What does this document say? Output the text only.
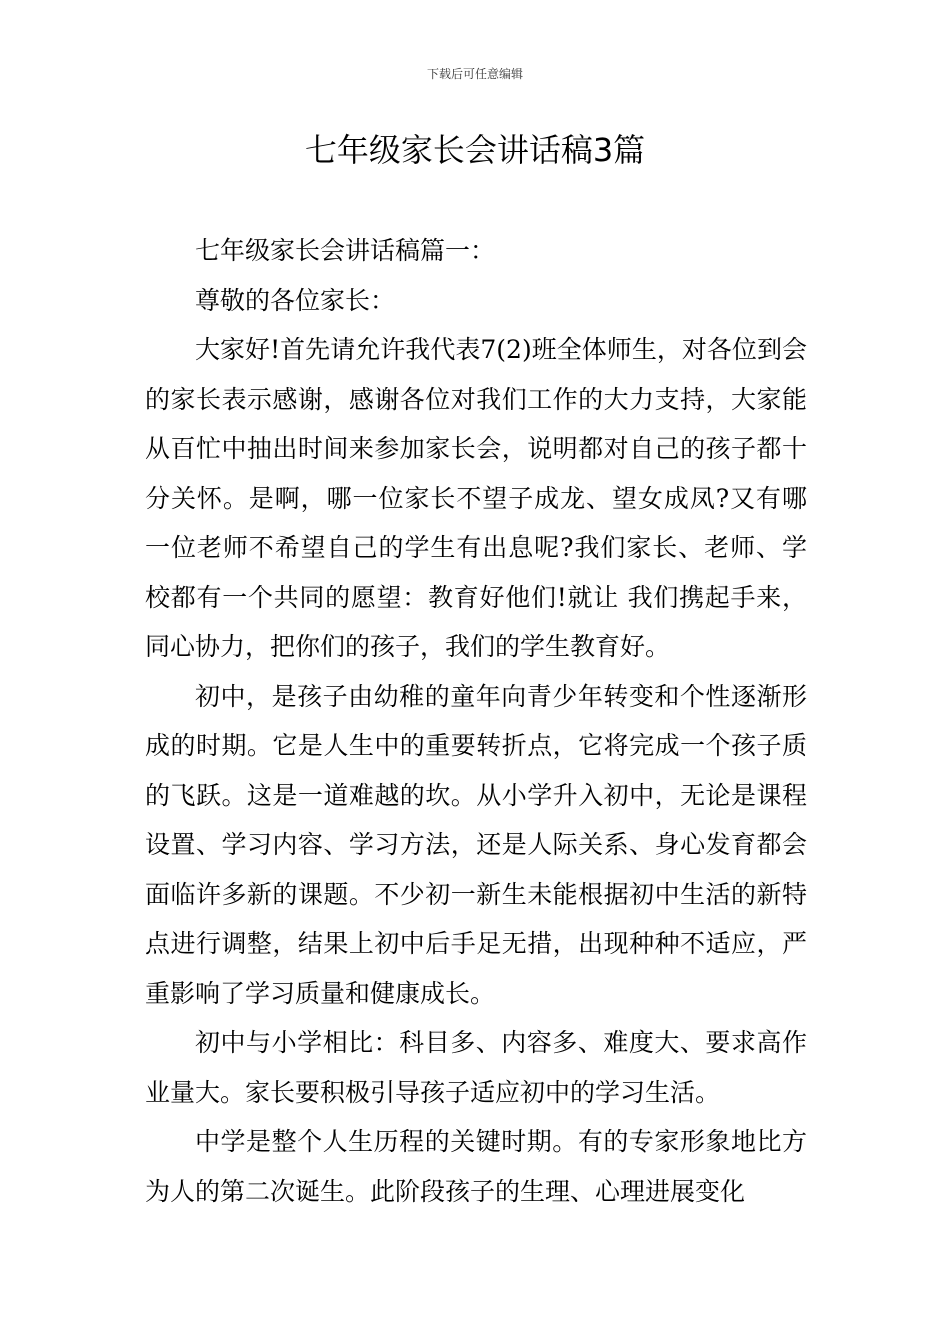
下载后可任意编辑
七年级家长会讲话稿3篇

七年级家长会讲话稿篇一：

尊敬的各位家长：

大家好!首先请允许我代表7(2)班全体师生，对各位到会的家长表示感谢，感谢各位对我们工作的大力支持，大家能从百忙中抽出时间来参加家长会，说明都对自己的孩子都十分关怀。是啊，哪一位家长不望子成龙、望女成凤?又有哪一位老师不希望自己的学生有出息呢?我们家长、老师、学校都有一个共同的愿望：教育好他们!就让 我们携起手来，同心协力，把你们的孩子，我们的学生教育好。

初中，是孩子由幼稚的童年向青少年转变和个性逐渐形成的时期。它是人生中的重要转折点，它将完成一个孩子质的飞跃。这是一道难越的坎。从小学升入初中，无论是课程设置、学习内容、学习方法，还是人际关系、身心发育都会面临许多新的课题。不少初一新生未能根据初中生活的新特点进行调整，结果上初中后手足无措，出现种种不适应，严重影响了学习质量和健康成长。

初中与小学相比：科目多、内容多、难度大、要求高作业量大。家长要积极引导孩子适应初中的学习生活。

中学是整个人生历程的关键时期。有的专家形象地比方为人的第二次诞生。此阶段孩子的生理、心理进展变化
